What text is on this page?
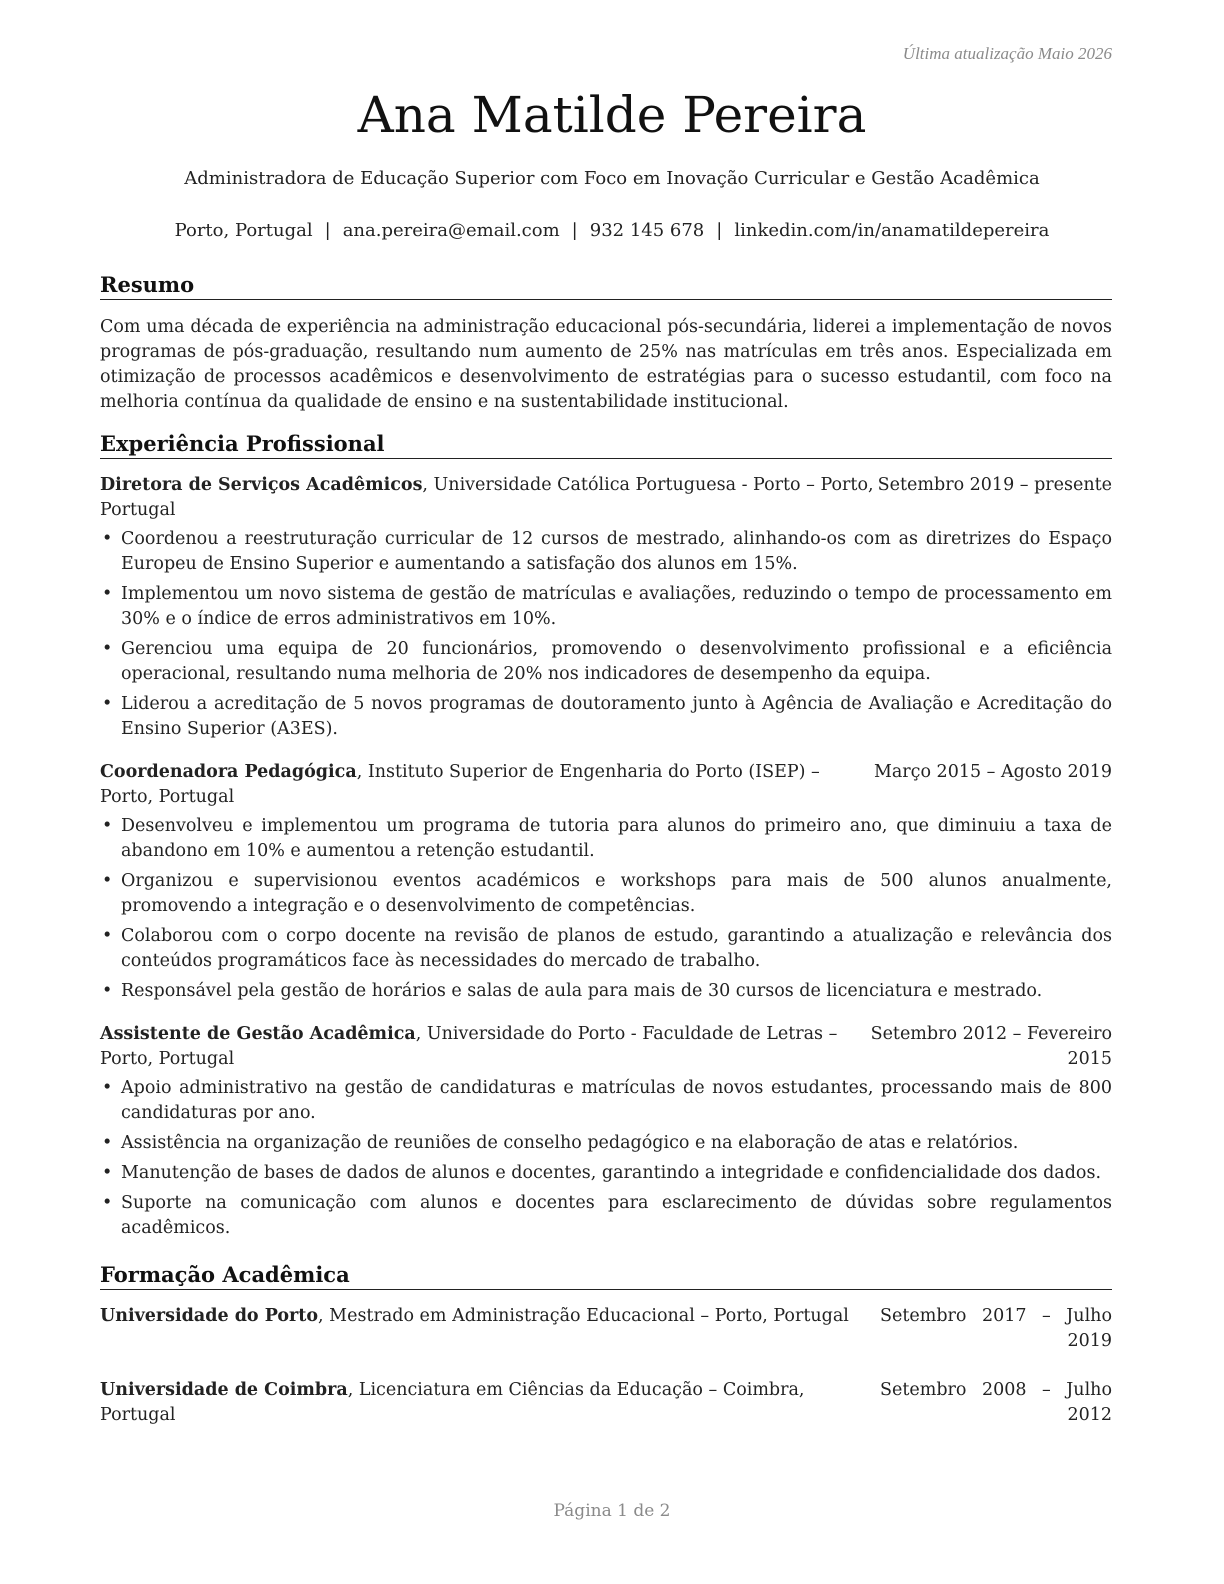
Última atualização Maio 2026
Ana Matilde Pereira
Administradora de Educação Superior com Foco em Inovação Curricular e Gestão Acadêmica
Porto, Portugal | ana.pereira@email.com | 932 145 678 | linkedin.com/in/anamatildepereira
Resumo
Com uma década de experiência na administração educacional pós-secundária, liderei a implementação de novos programas de pós-graduação, resultando num aumento de 25% nas matrículas em três anos. Especializada em otimização de processos acadêmicos e desenvolvimento de estratégias para o sucesso estudantil, com foco na melhoria contínua da qualidade de ensino e na sustentabilidade institucional.
Experiência Profissional
Diretora de Serviços Acadêmicos, Universidade Católica Portuguesa - Porto – Porto, Portugal
Setembro 2019 – presente
• Coordenou a reestruturação curricular de 12 cursos de mestrado, alinhando-os com as diretrizes do Espaço Europeu de Ensino Superior e aumentando a satisfação dos alunos em 15%.
• Implementou um novo sistema de gestão de matrículas e avaliações, reduzindo o tempo de processamento em 30% e o índice de erros administrativos em 10%.
• Gerenciou uma equipa de 20 funcionários, promovendo o desenvolvimento profissional e a eficiência operacional, resultando numa melhoria de 20% nos indicadores de desempenho da equipa.
• Liderou a acreditação de 5 novos programas de doutoramento junto à Agência de Avaliação e Acreditação do Ensino Superior (A3ES).
Coordenadora Pedagógica, Instituto Superior de Engenharia do Porto (ISEP) – Porto, Portugal
Março 2015 – Agosto 2019
• Desenvolveu e implementou um programa de tutoria para alunos do primeiro ano, que diminuiu a taxa de abandono em 10% e aumentou a retenção estudantil.
• Organizou e supervisionou eventos académicos e workshops para mais de 500 alunos anualmente, promovendo a integração e o desenvolvimento de competências.
• Colaborou com o corpo docente na revisão de planos de estudo, garantindo a atualização e relevância dos conteúdos programáticos face às necessidades do mercado de trabalho.
• Responsável pela gestão de horários e salas de aula para mais de 30 cursos de licenciatura e mestrado.
Assistente de Gestão Acadêmica, Universidade do Porto - Faculdade de Letras – Porto, Portugal
Setembro 2012 – Fevereiro 2015
• Apoio administrativo na gestão de candidaturas e matrículas de novos estudantes, processando mais de 800 candidaturas por ano.
• Assistência na organização de reuniões de conselho pedagógico e na elaboração de atas e relatórios.
• Manutenção de bases de dados de alunos e docentes, garantindo a integridade e confidencialidade dos dados.
• Suporte na comunicação com alunos e docentes para esclarecimento de dúvidas sobre regulamentos acadêmicos.
Formação Acadêmica
Universidade do Porto, Mestrado em Administração Educacional – Porto, Portugal	Setembro 2017 – Julho 2019
Universidade de Coimbra, Licenciatura em Ciências da Educação – Coimbra, Portugal
Setembro 2008 – Julho 2012
Página 1 de 2
